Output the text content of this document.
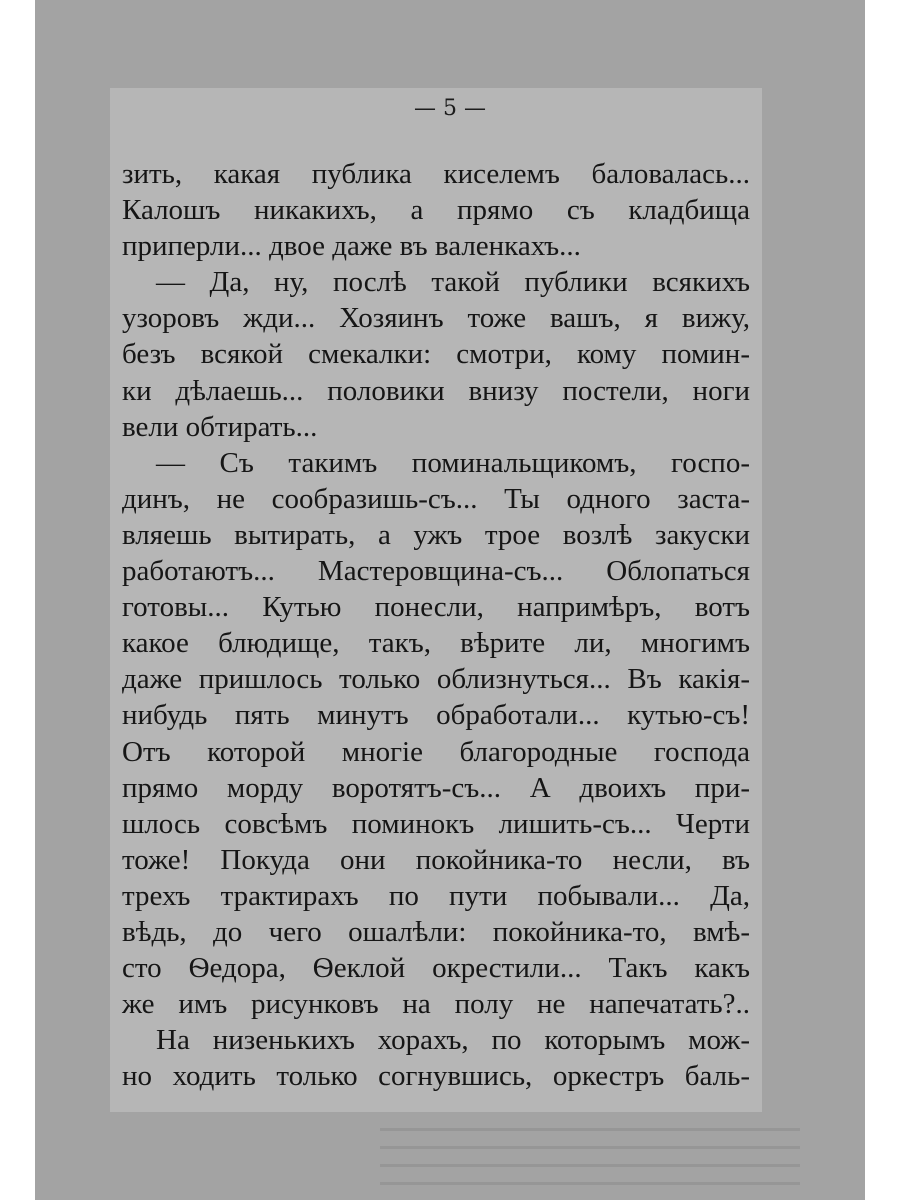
— 5 —
зить, какая публика киселемъ баловалась...
Калошъ никакихъ, а прямо съ кладбища
приперли... двое даже въ валенкахъ...
— Да, ну, послѣ такой публики всякихъ
узоровъ жди... Хозяинъ тоже вашъ, я вижу,
безъ всякой смекалки: смотри, кому помин-
ки дѣлаешь... половики внизу постели, ноги
вели обтирать...
— Съ такимъ поминальщикомъ, госпо-
динъ, не сообразишь-съ... Ты одного заста-
вляешь вытирать, а ужъ трое возлѣ закуски
работаютъ... Мастеровщина-съ... Облопаться
готовы... Кутью понесли, напримѣръ, вотъ
какое блюдище, такъ, вѣрите ли, многимъ
даже пришлось только облизнуться... Въ какія-
нибудь пять минутъ обработали... кутью-съ!
Отъ которой многіе благородные господа
прямо морду воротятъ-съ... А двоихъ при-
шлось совсѣмъ поминокъ лишить-съ... Черти
тоже! Покуда они покойника-то несли, въ
трехъ трактирахъ по пути побывали... Да,
вѣдь, до чего ошалѣли: покойника-то, вмѣ-
сто Ѳедора, Ѳеклой окрестили... Такъ какъ
же имъ рисунковъ на полу не напечатать?..
На низенькихъ хорахъ, по которымъ мож-
но ходить только согнувшись, оркестръ баль-
